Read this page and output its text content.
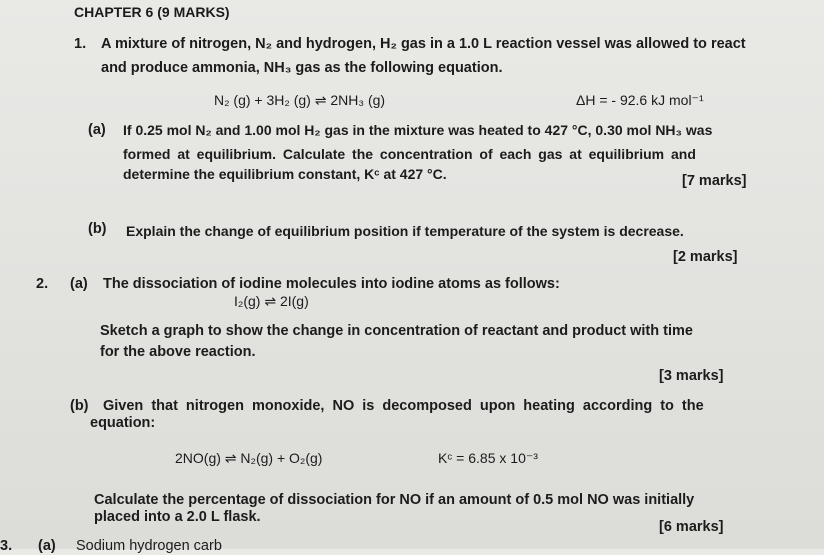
CHAPTER 6 (9 MARKS)
1. A mixture of nitrogen, N₂ and hydrogen, H₂ gas in a 1.0 L reaction vessel was allowed to react
and produce ammonia, NH₃ gas as the following equation.
N₂ (g) + 3H₂ (g) ⇌ 2NH₃ (g)	ΔH = - 92.6 kJ mol⁻¹
(a) If 0.25 mol N₂ and 1.00 mol H₂ gas in the mixture was heated to 427 °C, 0.30 mol NH₃ was
formed at equilibrium. Calculate the concentration of each gas at equilibrium and
determine the equilibrium constant, Kᶜ at 427 °C.	[7 marks]
(b) Explain the change of equilibrium position if temperature of the system is decrease.
[2 marks]
2. (a) The dissociation of iodine molecules into iodine atoms as follows:
I₂(g) ⇌ 2I(g)
Sketch a graph to show the change in concentration of reactant and product with time
for the above reaction.
[3 marks]
(b) Given that nitrogen monoxide, NO is decomposed upon heating according to the
equation:
2NO(g) ⇌ N₂(g) + O₂(g)	Kᶜ = 6.85 x 10⁻³
Calculate the percentage of dissociation for NO if an amount of 0.5 mol NO was initially
placed into a 2.0 L flask.
[6 marks]
3. (a) Sodium hydrogen carb
